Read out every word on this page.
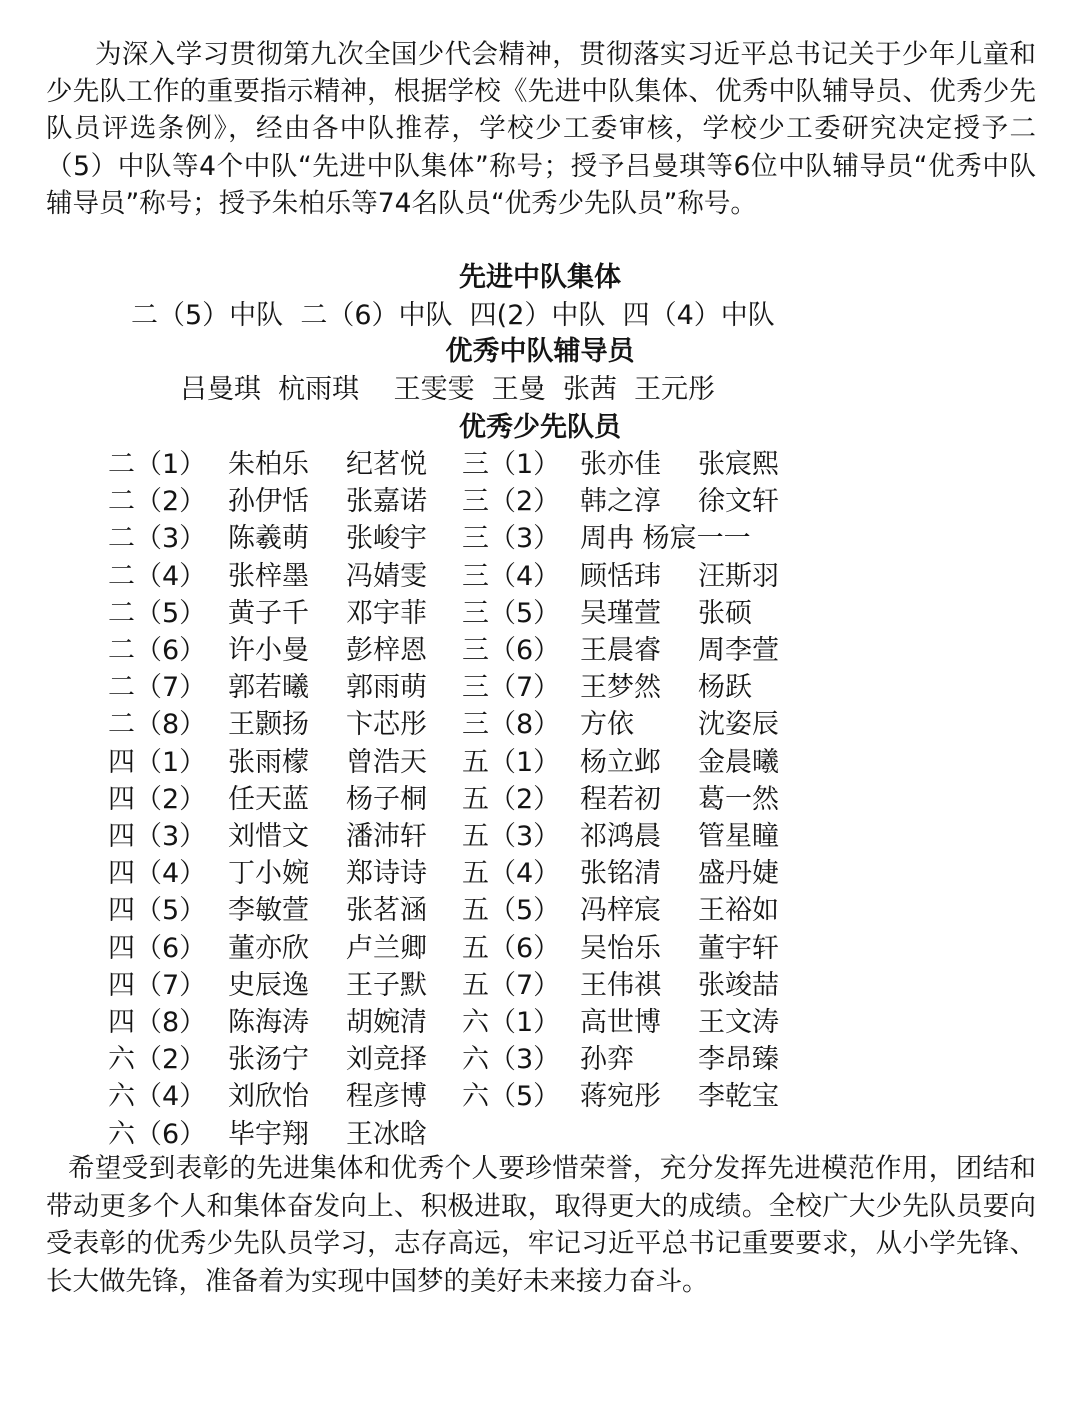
为深入学习贯彻第九次全国少代会精神，贯彻落实习近平总书记关于少年儿童和少先队工作的重要指示精神，根据学校《先进中队集体、优秀中队辅导员、优秀少先队员评选条例》，经由各中队推荐，学校少工委审核，学校少工委研究决定授予二（5）中队等4个中队“先进中队集体”称号；授予吕曼琪等6位中队辅导员“优秀中队辅导员”称号；授予朱柏乐等74名队员“优秀少先队员”称号。

先进中队集体
二（5）中队  二（6）中队  四(2）中队  四（4）中队
优秀中队辅导员
吕曼琪  杭雨琪    王雯雯  王曼  张茜  王元彤
优秀少先队员
二（1） 朱柏乐 纪茗悦 三（1） 张亦佳 张宸熙
二（2） 孙伊恬 张嘉诺 三（2） 韩之淳 徐文轩
二（3） 陈羲萌 张峻宇 三（3） 周冉 杨宸一一
二（4） 张梓墨 冯婧雯 三（4） 顾恬玮 汪斯羽
二（5） 黄子千 邓宇菲 三（5） 吴瑾萱 张硕
二（6） 许小曼 彭梓恩 三（6） 王晨睿 周李萱
二（7） 郭若曦 郭雨萌 三（7） 王梦然 杨跃
二（8） 王颢扬 卞芯彤 三（8） 方依 沈姿辰
四（1） 张雨檬 曾浩天 五（1） 杨立邺 金晨曦
四（2） 任天蓝 杨子桐 五（2） 程若初 葛一然
四（3） 刘惜文 潘沛轩 五（3） 祁鸿晨 管星瞳
四（4） 丁小婉 郑诗诗 五（4） 张铭清 盛丹婕
四（5） 李敏萱 张茗涵 五（5） 冯梓宸 王裕如
四（6） 董亦欣 卢兰卿 五（6） 吴怡乐 董宇轩
四（7） 史辰逸 王子默 五（7） 王伟祺 张竣喆
四（8） 陈海涛 胡婉清 六（1） 高世博 王文涛
六（2） 张汤宁 刘竞择 六（3） 孙弈 李昂臻
六（4） 刘欣怡 程彦博 六（5） 蒋宛彤 李乾宝
六（6） 毕宇翔 王冰晗

希望受到表彰的先进集体和优秀个人要珍惜荣誉，充分发挥先进模范作用，团结和带动更多个人和集体奋发向上、积极进取，取得更大的成绩。全校广大少先队员要向受表彰的优秀少先队员学习，志存高远，牢记习近平总书记重要要求，从小学先锋、长大做先锋，准备着为实现中国梦的美好未来接力奋斗。
